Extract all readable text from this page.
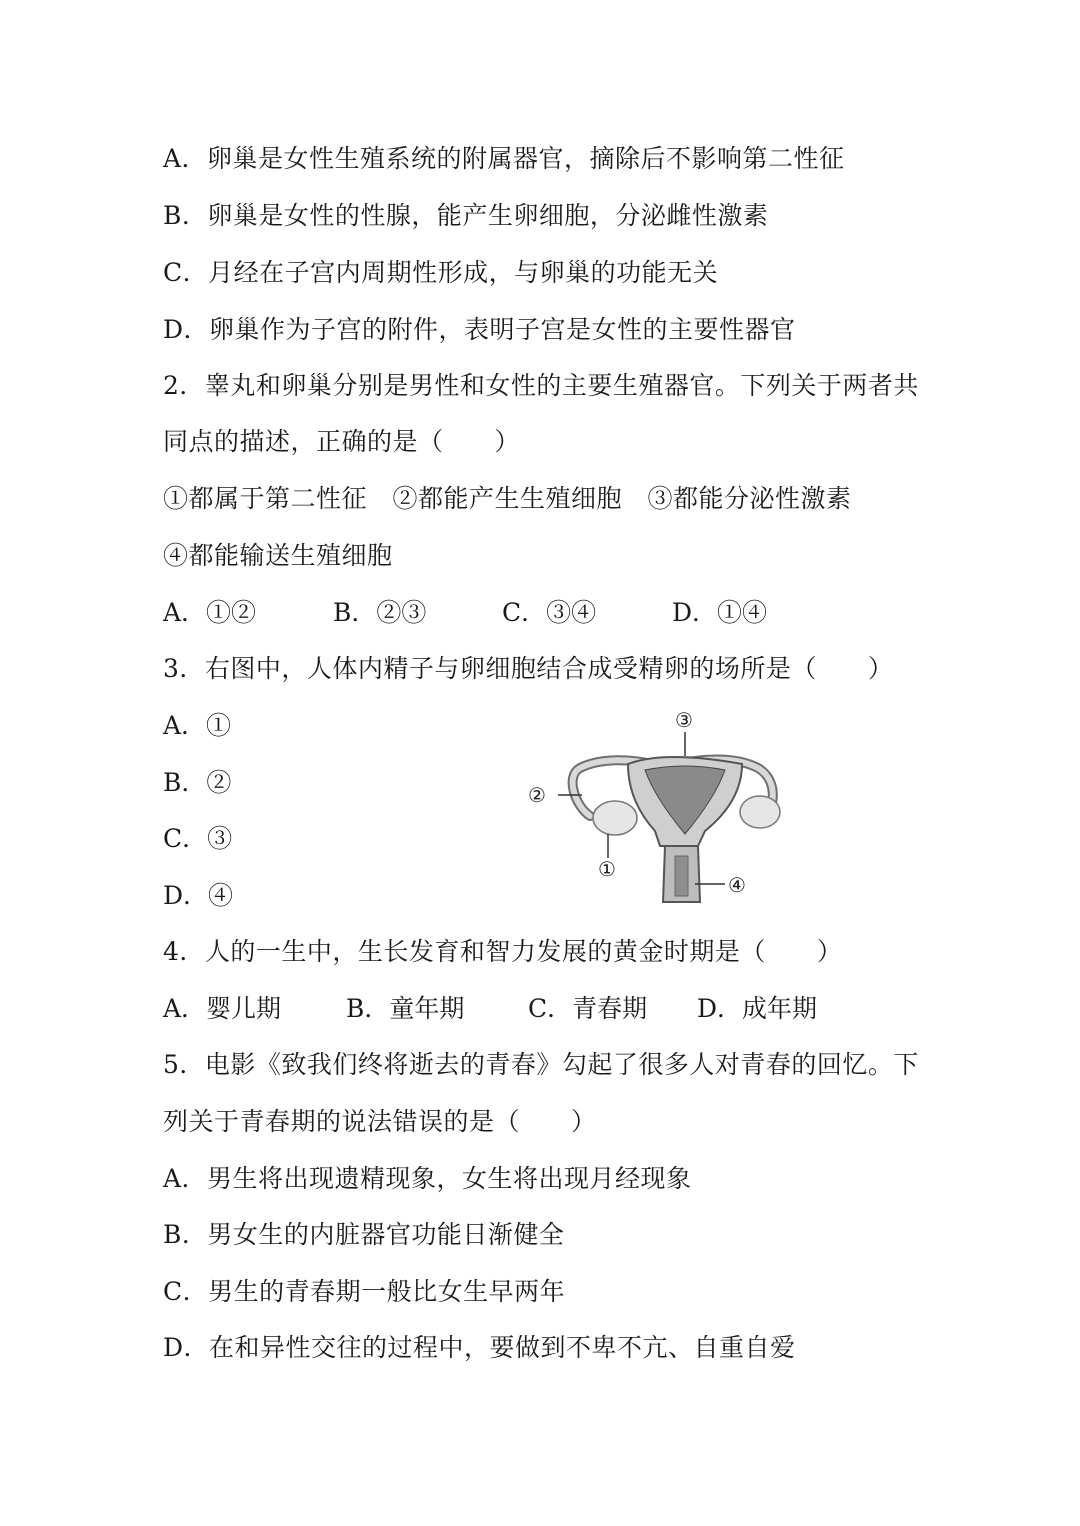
A．卵巢是女性生殖系统的附属器官，摘除后不影响第二性征
B．卵巢是女性的性腺，能产生卵细胞，分泌雌性激素
C．月经在子宫内周期性形成，与卵巢的功能无关
D．卵巢作为子宫的附件，表明子宫是女性的主要性器官
2．睾丸和卵巢分别是男性和女性的主要生殖器官。下列关于两者共
同点的描述，正确的是（　　）
①都属于第二性征　②都能产生生殖细胞　③都能分泌性激素
④都能输送生殖细胞
A．①②	B．②③	C．③④	D．①④
3．右图中，人体内精子与卵细胞结合成受精卵的场所是（　　）
A．①
B．②
C．③
D．④
③
②
①
④
4．人的一生中，生长发育和智力发展的黄金时期是（　　）
A．婴儿期	B．童年期	C．青春期 D．成年期
5．电影《致我们终将逝去的青春》勾起了很多人对青春的回忆。下
列关于青春期的说法错误的是（　　）
A．男生将出现遗精现象，女生将出现月经现象
B．男女生的内脏器官功能日渐健全
C．男生的青春期一般比女生早两年
D．在和异性交往的过程中，要做到不卑不亢、自重自爱
